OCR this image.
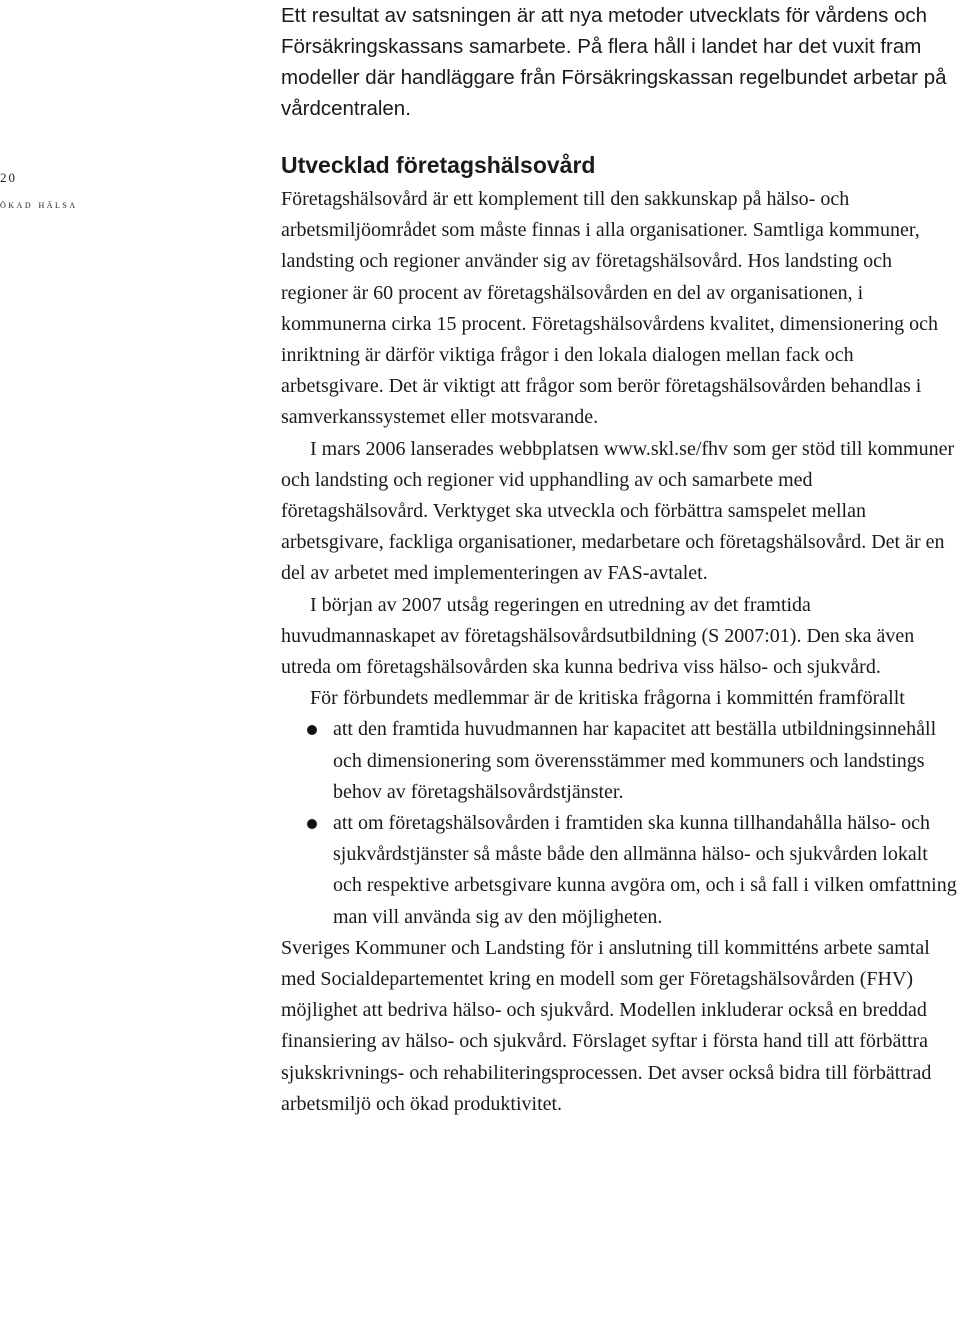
20
ökad hälsa

Ett resultat av satsningen är att nya metoder utvecklats för vårdens och Försäkringskassans samarbete. På flera håll i landet har det vuxit fram modeller där handläggare från Försäkringskassan regelbundet arbetar på vårdcentralen.

Utvecklad företagshälsovård

Företagshälsovård är ett komplement till den sakkunskap på hälso- och arbetsmiljöområdet som måste finnas i alla organisationer. Samtliga kommuner, landsting och regioner använder sig av företagshälsovård. Hos landsting och regioner är 60 procent av företagshälsovården en del av organisationen, i kommunerna cirka 15 procent. Företagshälsovårdens kvalitet, dimensionering och inriktning är därför viktiga frågor i den lokala dialogen mellan fack och arbetsgivare. Det är viktigt att frågor som berör företagshälsovården behandlas i samverkanssystemet eller motsvarande.

I mars 2006 lanserades webbplatsen www.skl.se/fhv som ger stöd till kommuner och landsting och regioner vid upphandling av och samarbete med företagshälsovård. Verktyget ska utveckla och förbättra samspelet mellan arbetsgivare, fackliga organisationer, medarbetare och företagshälsovård. Det är en del av arbetet med implementeringen av FAS-avtalet.

I början av 2007 utsåg regeringen en utredning av det framtida huvudmannaskapet av företagshälsovårdsutbildning (S 2007:01). Den ska även utreda om företagshälsovården ska kunna bedriva viss hälso- och sjukvård.

För förbundets medlemmar är de kritiska frågorna i kommittén framförallt

att den framtida huvudmannen har kapacitet att beställa utbildningsinnehåll och dimensionering som överensstämmer med kommuners och landstings behov av företagshälsovårdstjänster.
att om företagshälsovården i framtiden ska kunna tillhandahålla hälso- och sjukvårdstjänster så måste både den allmänna hälso- och sjukvården lokalt och respektive arbetsgivare kunna avgöra om, och i så fall i vilken omfattning man vill använda sig av den möjligheten.

Sveriges Kommuner och Landsting för i anslutning till kommitténs arbete samtal med Socialdepartementet kring en modell som ger Företagshälsovården (FHV) möjlighet att bedriva hälso- och sjukvård. Modellen inkluderar också en breddad finansiering av hälso- och sjukvård. Förslaget syftar i första hand till att förbättra sjukskrivnings- och rehabiliteringsprocessen. Det avser också bidra till förbättrad arbetsmiljö och ökad produktivitet.
